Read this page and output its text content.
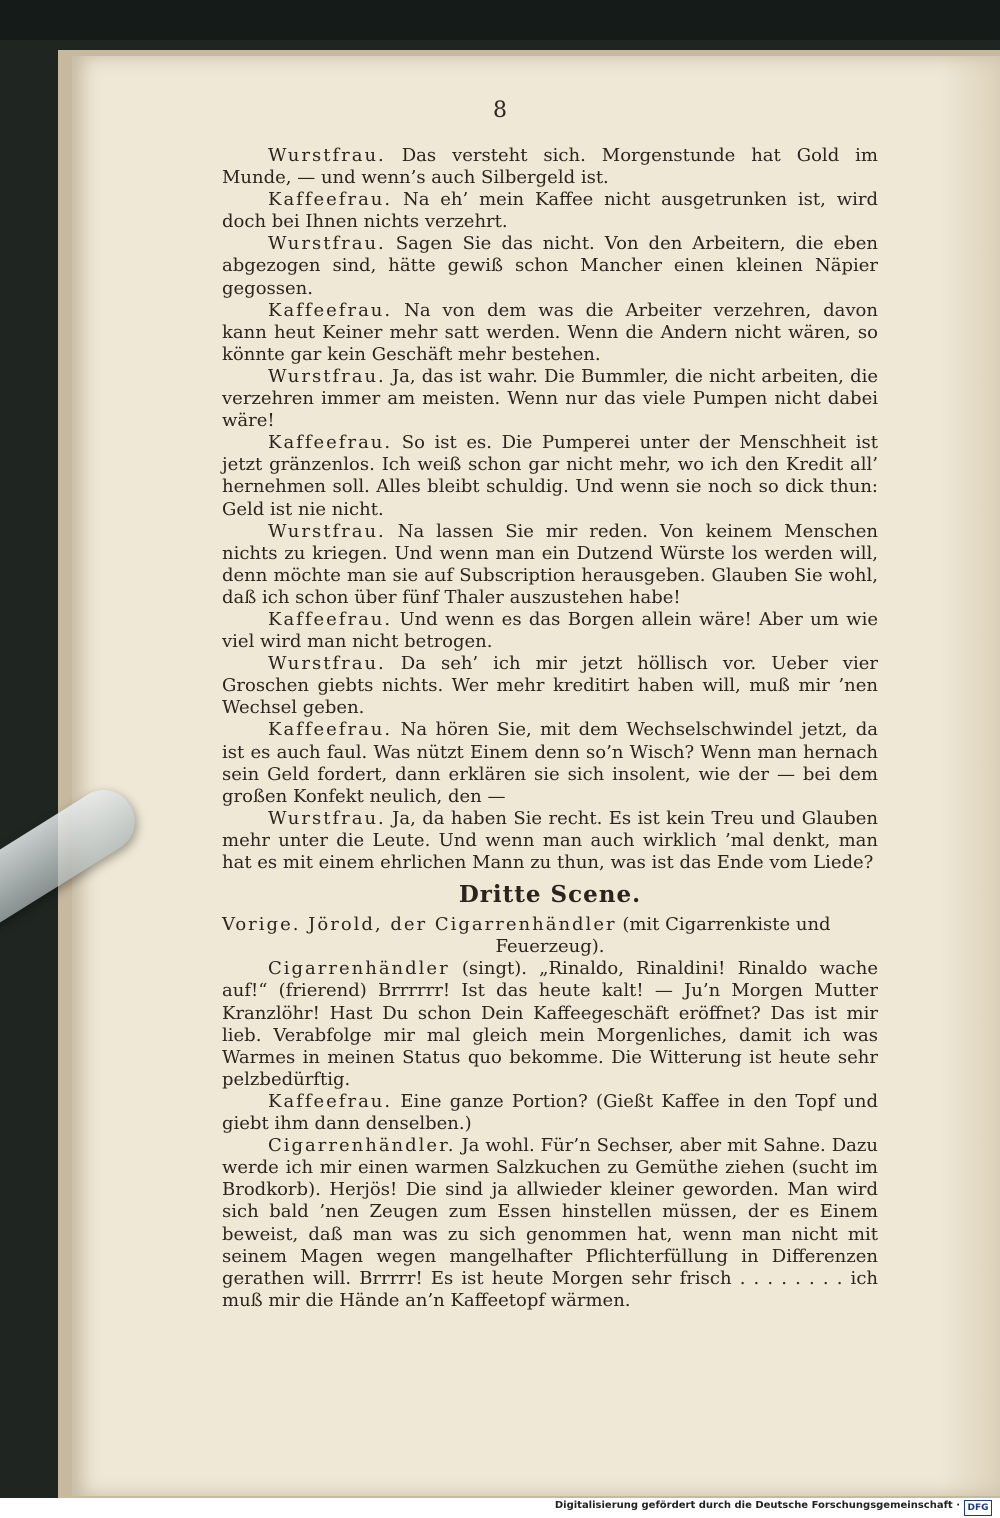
8

Wurstfrau. Das versteht sich. Morgenstunde hat Gold im Munde, — und wenn’s auch Silbergeld ist.

Kaffeefrau. Na eh’ mein Kaffee nicht ausgetrunken ist, wird doch bei Ihnen nichts verzehrt.

Wurstfrau. Sagen Sie das nicht. Von den Arbeitern, die eben abgezogen sind, hätte gewiß schon Mancher einen kleinen Näpier gegossen.

Kaffeefrau. Na von dem was die Arbeiter verzehren, davon kann heut Keiner mehr satt werden. Wenn die Andern nicht wären, so könnte gar kein Geschäft mehr bestehen.

Wurstfrau. Ja, das ist wahr. Die Bummler, die nicht arbeiten, die verzehren immer am meisten. Wenn nur das viele Pumpen nicht dabei wäre!

Kaffeefrau. So ist es. Die Pumperei unter der Menschheit ist jetzt gränzenlos. Ich weiß schon gar nicht mehr, wo ich den Kredit all’ hernehmen soll. Alles bleibt schuldig. Und wenn sie noch so dick thun: Geld ist nie nicht.

Wurstfrau. Na lassen Sie mir reden. Von keinem Menschen nichts zu kriegen. Und wenn man ein Dutzend Würste los werden will, denn möchte man sie auf Subscription herausgeben. Glauben Sie wohl, daß ich schon über fünf Thaler auszustehen habe!

Kaffeefrau. Und wenn es das Borgen allein wäre! Aber um wie viel wird man nicht betrogen.

Wurstfrau. Da seh’ ich mir jetzt höllisch vor. Ueber vier Groschen giebts nichts. Wer mehr kreditirt haben will, muß mir ’nen Wechsel geben.

Kaffeefrau. Na hören Sie, mit dem Wechselschwindel jetzt, da ist es auch faul. Was nützt Einem denn so’n Wisch? Wenn man hernach sein Geld fordert, dann erklären sie sich insolent, wie der — bei dem großen Konfekt neulich, den —

Wurstfrau. Ja, da haben Sie recht. Es ist kein Treu und Glauben mehr unter die Leute. Und wenn man auch wirklich ’mal denkt, man hat es mit einem ehrlichen Mann zu thun, was ist das Ende vom Liede?

Dritte Scene.

Vorige. Jörold, der Cigarrenhändler (mit Cigarrenkiste und

Feuerzeug).

Cigarrenhändler (singt). „Rinaldo, Rinaldini! Rinaldo wache auf!“ (frierend) Brrrrrr! Ist das heute kalt! — Ju’n Morgen Mutter Kranzlöhr! Hast Du schon Dein Kaffeegeschäft eröffnet? Das ist mir lieb. Verabfolge mir mal gleich mein Morgenliches, damit ich was Warmes in meinen Status quo bekomme. Die Witterung ist heute sehr pelzbedürftig.

Kaffeefrau. Eine ganze Portion? (Gießt Kaffee in den Topf und giebt ihm dann denselben.)

Cigarrenhändler. Ja wohl. Für’n Sechser, aber mit Sahne. Dazu werde ich mir einen warmen Salzkuchen zu Gemüthe ziehen (sucht im Brodkorb). Herjös! Die sind ja allwieder kleiner geworden. Man wird sich bald ’nen Zeugen zum Essen hinstellen müssen, der es Einem beweist, daß man was zu sich genommen hat, wenn man nicht mit seinem Magen wegen mangelhafter Pflichterfüllung in Differenzen gerathen will. Brrrrr! Es ist heute Morgen sehr frisch . . . . . . . . ich muß mir die Hände an’n Kaffeetopf wärmen.

Digitalisierung gefördert durch die Deutsche Forschungsgemeinschaft · DFG
